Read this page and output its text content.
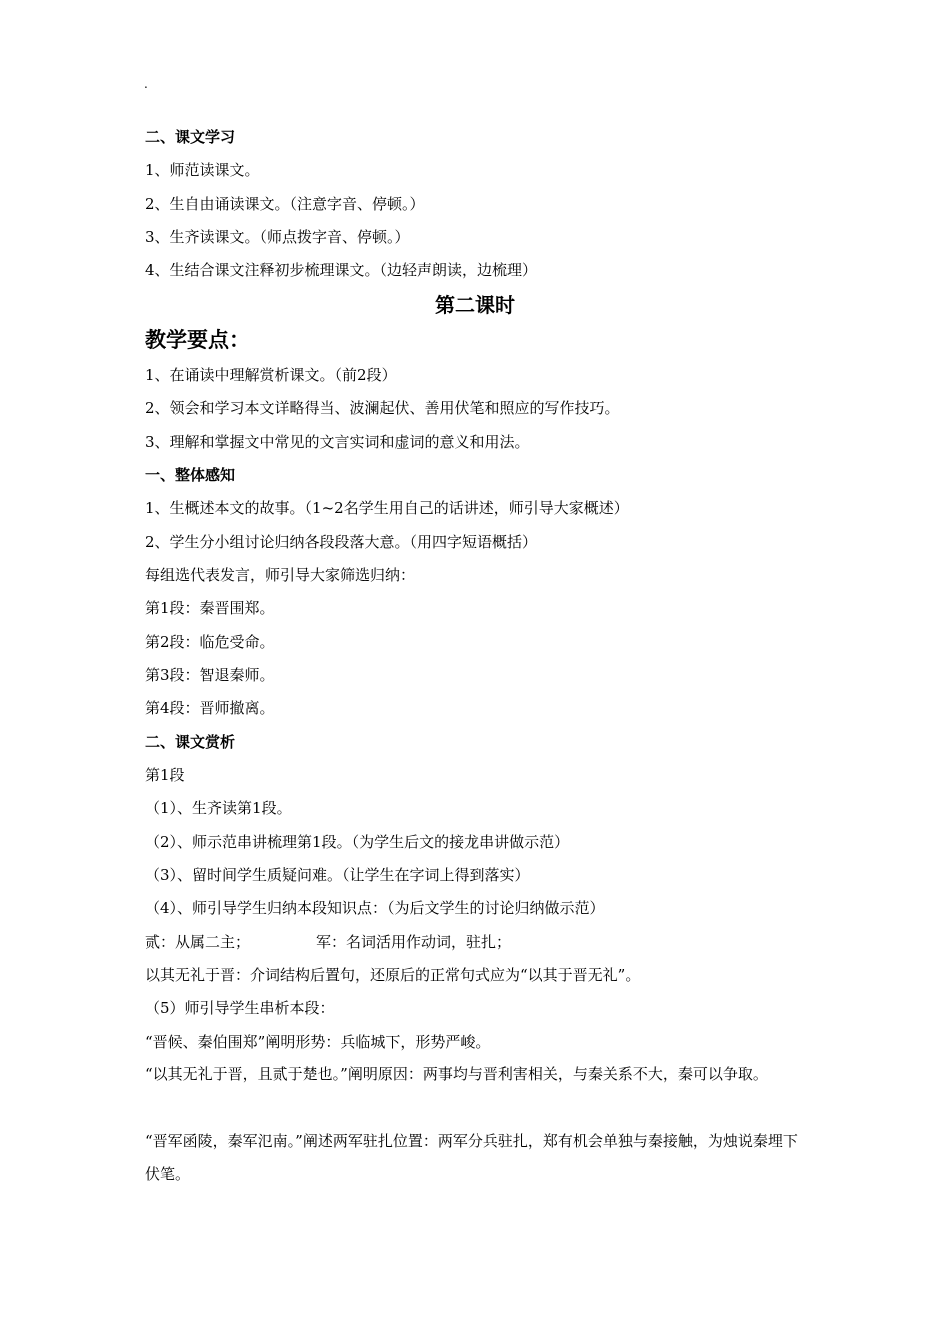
.
二、课文学习
1、师范读课文。
2、生自由诵读课文。（注意字音、停顿。）
3、生齐读课文。（师点拨字音、停顿。）
4、生结合课文注释初步梳理课文。（边轻声朗读，边梳理）
第二课时
教学要点：
1、在诵读中理解赏析课文。（前2段）
2、领会和学习本文详略得当、波澜起伏、善用伏笔和照应的写作技巧。
3、理解和掌握文中常见的文言实词和虚词的意义和用法。
一、整体感知
1、生概述本文的故事。（1~2名学生用自己的话讲述，师引导大家概述）
2、学生分小组讨论归纳各段段落大意。（用四字短语概括）
每组选代表发言，师引导大家筛选归纳：
第1段：秦晋围郑。
第2段：临危受命。
第3段：智退秦师。
第4段：晋师撤离。
二、课文赏析
第1段
（1）、生齐读第1段。
（2）、师示范串讲梳理第1段。（为学生后文的接龙串讲做示范）
（3）、留时间学生质疑问难。（让学生在字词上得到落实）
（4）、师引导学生归纳本段知识点：（为后文学生的讨论归纳做示范）
贰：从属二主；	军：名词活用作动词，驻扎；
以其无礼于晋：介词结构后置句，还原后的正常句式应为“以其于晋无礼”。
（5）师引导学生串析本段：
“晋候、秦伯围郑”阐明形势：兵临城下，形势严峻。
“以其无礼于晋，且贰于楚也。”阐明原因：两事均与晋利害相关，与秦关系不大，秦可以争取。
“晋军函陵，秦军氾南。”阐述两军驻扎位置：两军分兵驻扎，郑有机会单独与秦接触，为烛说秦埋下伏笔。
